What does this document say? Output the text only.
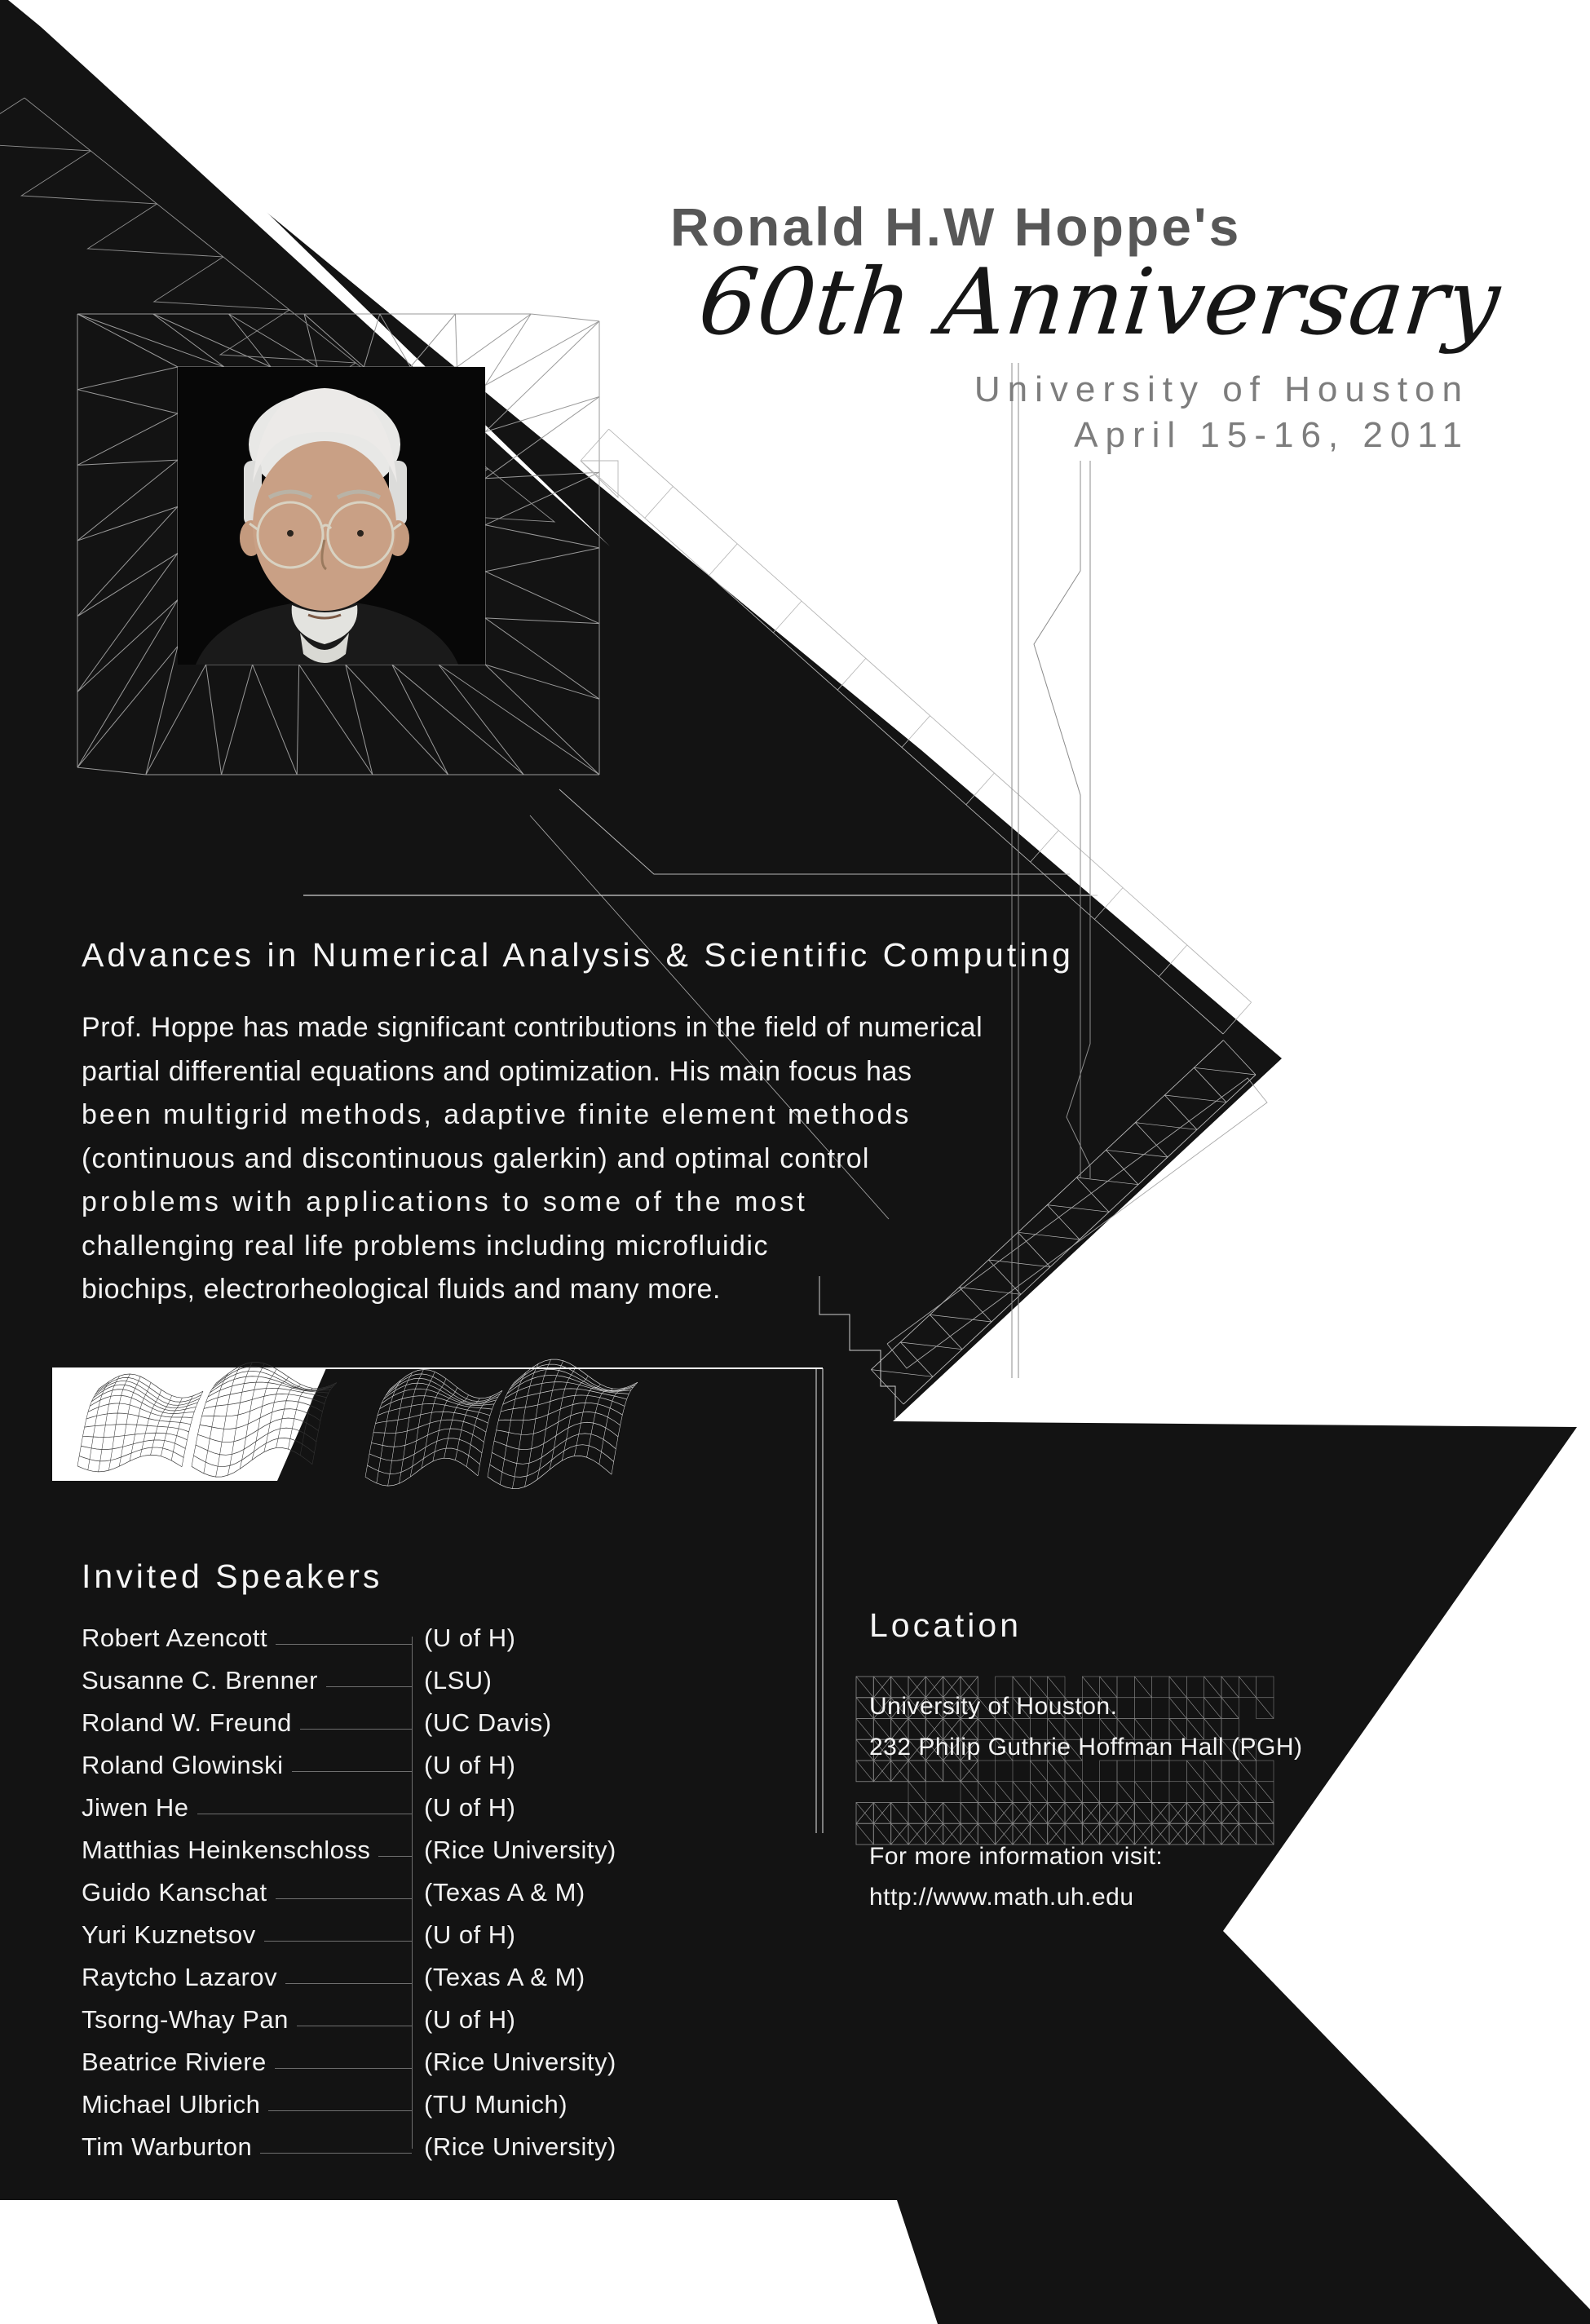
Ronald H.W Hoppe's
60th Anniversary
University of Houston
April 15-16, 2011
Advances in Numerical Analysis & Scientific Computing
Prof. Hoppe has made significant contributions in the field of numerical
partial differential equations and optimization. His main focus has
been multigrid methods, adaptive finite element methods
(continuous and discontinuous galerkin) and optimal control
problems with applications to some of the most
challenging real life problems including microfluidic
biochips, electrorheological fluids and many more.
Invited Speakers
Robert Azencott	(U of H)
Susanne C. Brenner	(LSU)
Roland W. Freund	(UC Davis)
Roland Glowinski	(U of H)
Jiwen He	(U of H)
Matthias Heinkenschloss	(Rice University)
Guido Kanschat	(Texas A & M)
Yuri Kuznetsov	(U of H)
Raytcho Lazarov	(Texas A & M)
Tsorng-Whay Pan	(U of H)
Beatrice Riviere	(Rice University)
Michael Ulbrich	(TU Munich)
Tim Warburton	(Rice University)
Location
University of Houston.
232 Philip Guthrie Hoffman Hall (PGH)
For more information visit:
http://www.math.uh.edu
